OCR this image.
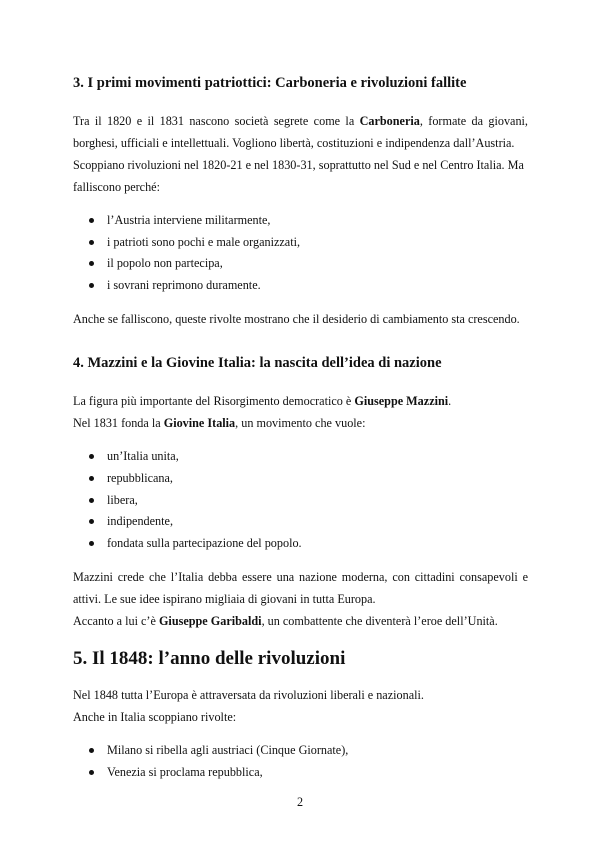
3. I primi movimenti patriottici: Carboneria e rivoluzioni fallite

Tra il 1820 e il 1831 nascono società segrete come la Carboneria, formate da giovani, borghesi, ufficiali e intellettuali. Vogliono libertà, costituzioni e indipendenza dall’Austria.

Scoppiano rivoluzioni nel 1820-21 e nel 1830-31, soprattutto nel Sud e nel Centro Italia. Ma falliscono perché:

l’Austria interviene militarmente,
i patrioti sono pochi e male organizzati,
il popolo non partecipa,
i sovrani reprimono duramente.

Anche se falliscono, queste rivolte mostrano che il desiderio di cambiamento sta crescendo.

4. Mazzini e la Giovine Italia: la nascita dell’idea di nazione

La figura più importante del Risorgimento democratico è Giuseppe Mazzini.

Nel 1831 fonda la Giovine Italia, un movimento che vuole:

un’Italia unita,
repubblicana,
libera,
indipendente,
fondata sulla partecipazione del popolo.

Mazzini crede che l’Italia debba essere una nazione moderna, con cittadini consapevoli e attivi. Le sue idee ispirano migliaia di giovani in tutta Europa.

Accanto a lui c’è Giuseppe Garibaldi, un combattente che diventerà l’eroe dell’Unità.

5. Il 1848: l’anno delle rivoluzioni

Nel 1848 tutta l’Europa è attraversata da rivoluzioni liberali e nazionali.

Anche in Italia scoppiano rivolte:

Milano si ribella agli austriaci (Cinque Giornate),
Venezia si proclama repubblica,
2
